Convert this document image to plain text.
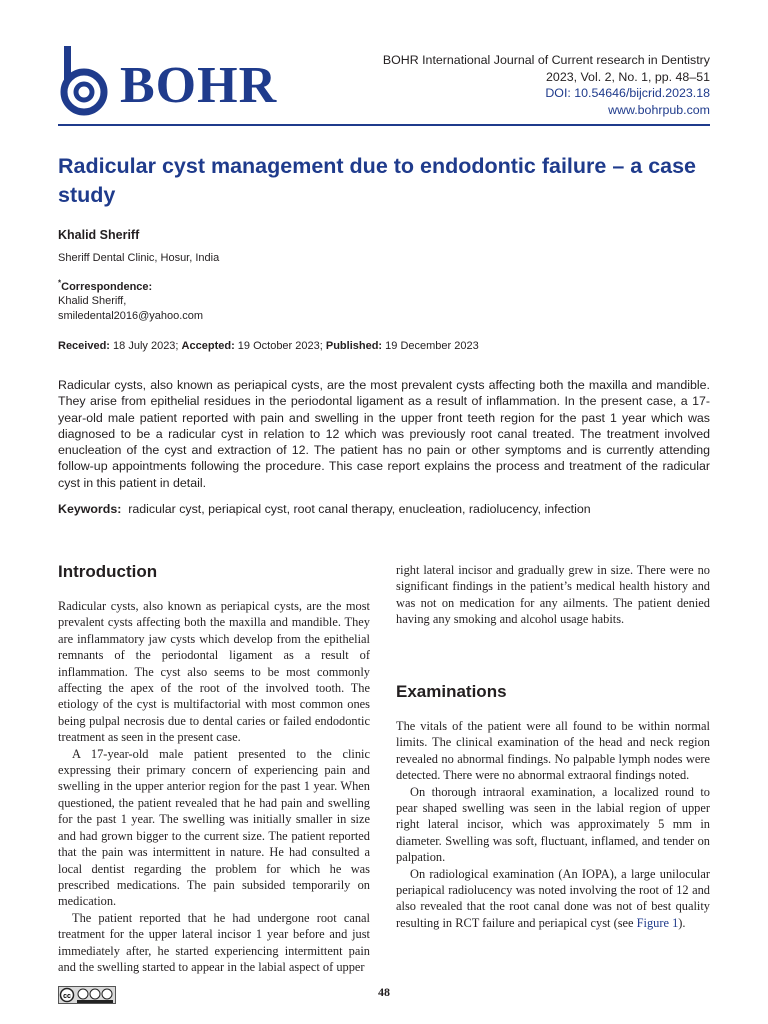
BOHR	BOHR International Journal of Current research in Dentistry
2023, Vol. 2, No. 1, pp. 48–51
DOI: 10.54646/bijcrid.2023.18
www.bohrpub.com
Radicular cyst management due to endodontic failure – a case study
Khalid Sheriff
Sheriff Dental Clinic, Hosur, India
*Correspondence:
Khalid Sheriff,
smiledental2016@yahoo.com
Received: 18 July 2023; Accepted: 19 October 2023; Published: 19 December 2023
Radicular cysts, also known as periapical cysts, are the most prevalent cysts affecting both the maxilla and mandible. They arise from epithelial residues in the periodontal ligament as a result of inflammation. In the present case, a 17-year-old male patient reported with pain and swelling in the upper front teeth region for the past 1 year which was diagnosed to be a radicular cyst in relation to 12 which was previously root canal treated. The treatment involved enucleation of the cyst and extraction of 12. The patient has no pain or other symptoms and is currently attending follow-up appointments following the procedure. This case report explains the process and treatment of the radicular cyst in this patient in detail.
Keywords: radicular cyst, periapical cyst, root canal therapy, enucleation, radiolucency, infection
Introduction

Radicular cysts, also known as periapical cysts, are the most prevalent cysts affecting both the maxilla and mandible. They are inflammatory jaw cysts which develop from the epithelial remnants of the periodontal ligament as a result of inflammation. The cyst also seems to be most commonly affecting the apex of the root of the involved tooth. The etiology of the cyst is multifactorial with most common ones being pulpal necrosis due to dental caries or failed endodontic treatment as seen in the present case.

A 17-year-old male patient presented to the clinic expressing their primary concern of experiencing pain and swelling in the upper anterior region for the past 1 year. When questioned, the patient revealed that he had pain and swelling for the past 1 year. The swelling was initially smaller in size and had grown bigger to the current size. The patient reported that the pain was intermittent in nature. He had consulted a local dentist regarding the problem for which he was prescribed medications. The pain subsided temporarily on medication.

The patient reported that he had undergone root canal treatment for the upper lateral incisor 1 year before and just immediately after, he started experiencing intermittent pain and the swelling started to appear in the labial aspect of upper

right lateral incisor and gradually grew in size. There were no significant findings in the patient’s medical health history and was not on medication for any ailments. The patient denied having any smoking and alcohol usage habits.

Examinations

The vitals of the patient were all found to be within normal limits. The clinical examination of the head and neck region revealed no abnormal findings. No palpable lymph nodes were detected. There were no abnormal extraoral findings noted.

On thorough intraoral examination, a localized round to pear shaped swelling was seen in the labial region of upper right lateral incisor, which was approximately 5 mm in diameter. Swelling was soft, fluctuant, inflamed, and tender on palpation.

On radiological examination (An IOPA), a large unilocular periapical radiolucency was noted involving the root of 12 and also revealed that the root canal done was not of best quality resulting in RCT failure and periapical cyst (see Figure 1).

cc	48
